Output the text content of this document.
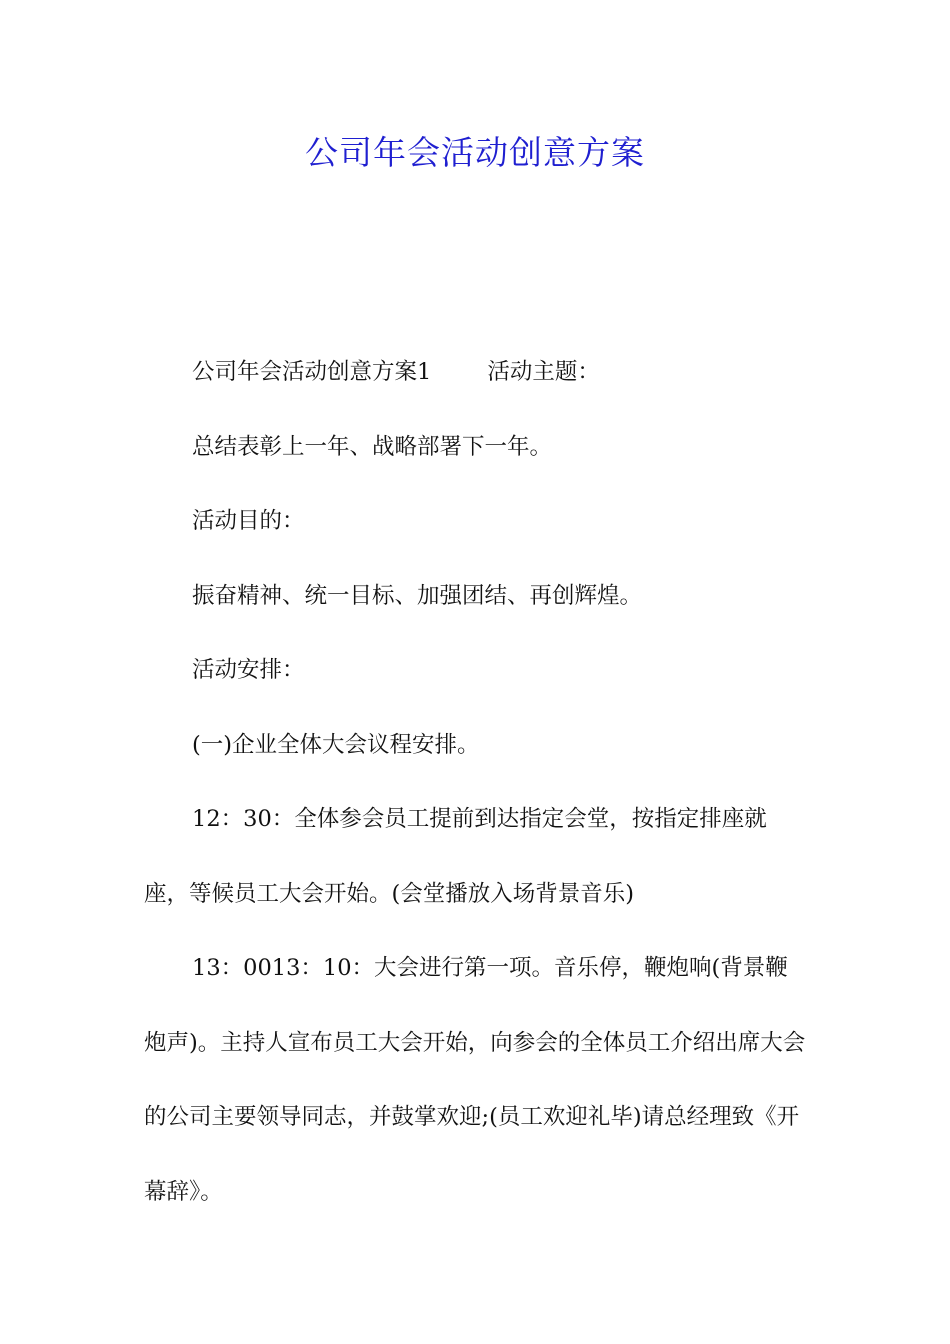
公司年会活动创意方案

公司年会活动创意方案1 活动主题：

总结表彰上一年、战略部署下一年。

活动目的：

振奋精神、统一目标、加强团结、再创辉煌。

活动安排：

(一)企业全体大会议程安排。

12：30：全体参会员工提前到达指定会堂，按指定排座就座，等候员工大会开始。(会堂播放入场背景音乐)

13：0013：10：大会进行第一项。音乐停，鞭炮响(背景鞭炮声)。主持人宣布员工大会开始，向参会的全体员工介绍出席大会的公司主要领导同志，并鼓掌欢迎;(员工欢迎礼毕)请总经理致《开幕辞》。
